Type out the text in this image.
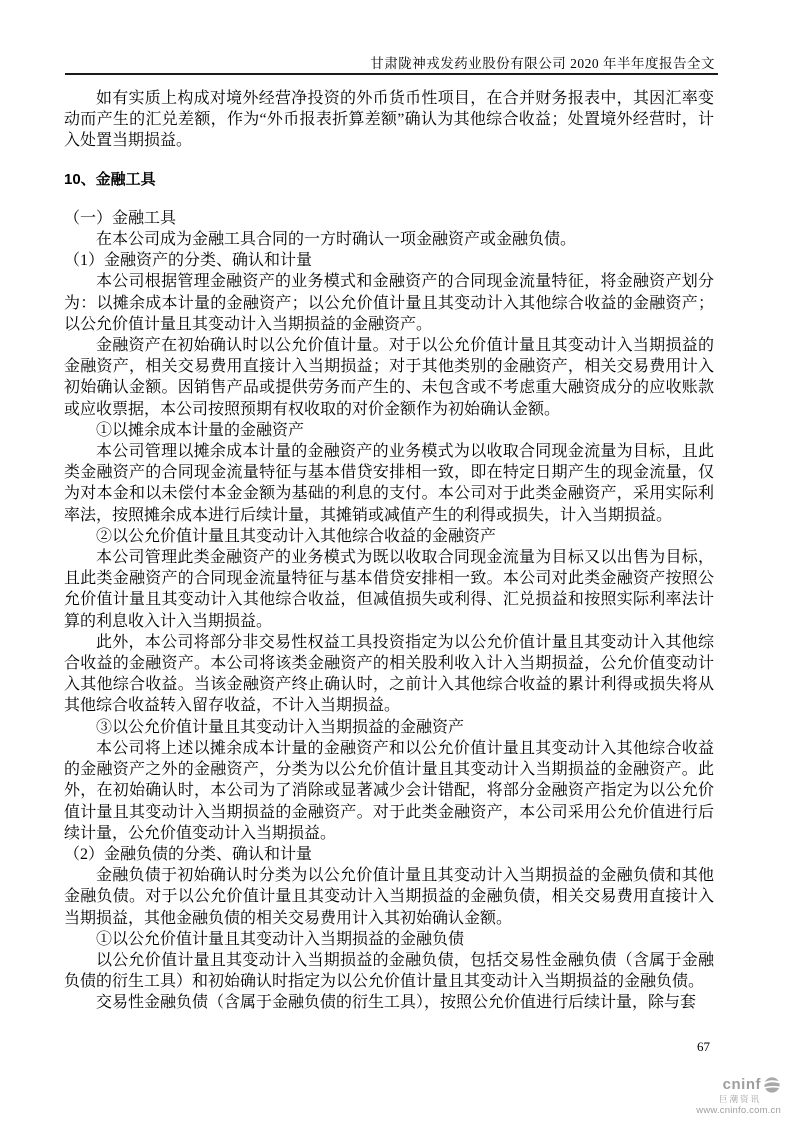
甘肃陇神戎发药业股份有限公司 2020 年半年度报告全文

如有实质上构成对境外经营净投资的外币货币性项目，在合并财务报表中，其因汇率变动而产生的汇兑差额，作为“外币报表折算差额”确认为其他综合收益；处置境外经营时，计入处置当期损益。

10、金融工具

（一）金融工具

在本公司成为金融工具合同的一方时确认一项金融资产或金融负债。

（1）金融资产的分类、确认和计量

本公司根据管理金融资产的业务模式和金融资产的合同现金流量特征，将金融资产划分为：以摊余成本计量的金融资产；以公允价值计量且其变动计入其他综合收益的金融资产；以公允价值计量且其变动计入当期损益的金融资产。

金融资产在初始确认时以公允价值计量。对于以公允价值计量且其变动计入当期损益的金融资产，相关交易费用直接计入当期损益；对于其他类别的金融资产，相关交易费用计入初始确认金额。因销售产品或提供劳务而产生的、未包含或不考虑重大融资成分的应收账款或应收票据，本公司按照预期有权收取的对价金额作为初始确认金额。

①以摊余成本计量的金融资产

本公司管理以摊余成本计量的金融资产的业务模式为以收取合同现金流量为目标，且此类金融资产的合同现金流量特征与基本借贷安排相一致，即在特定日期产生的现金流量，仅为对本金和以未偿付本金金额为基础的利息的支付。本公司对于此类金融资产，采用实际利率法，按照摊余成本进行后续计量，其摊销或减值产生的利得或损失，计入当期损益。

②以公允价值计量且其变动计入其他综合收益的金融资产

本公司管理此类金融资产的业务模式为既以收取合同现金流量为目标又以出售为目标，且此类金融资产的合同现金流量特征与基本借贷安排相一致。本公司对此类金融资产按照公允价值计量且其变动计入其他综合收益，但减值损失或利得、汇兑损益和按照实际利率法计算的利息收入计入当期损益。

此外，本公司将部分非交易性权益工具投资指定为以公允价值计量且其变动计入其他综合收益的金融资产。本公司将该类金融资产的相关股利收入计入当期损益，公允价值变动计入其他综合收益。当该金融资产终止确认时，之前计入其他综合收益的累计利得或损失将从其他综合收益转入留存收益，不计入当期损益。

③以公允价值计量且其变动计入当期损益的金融资产

本公司将上述以摊余成本计量的金融资产和以公允价值计量且其变动计入其他综合收益的金融资产之外的金融资产，分类为以公允价值计量且其变动计入当期损益的金融资产。此外，在初始确认时，本公司为了消除或显著减少会计错配，将部分金融资产指定为以公允价值计量且其变动计入当期损益的金融资产。对于此类金融资产，本公司采用公允价值进行后续计量，公允价值变动计入当期损益。

（2）金融负债的分类、确认和计量

金融负债于初始确认时分类为以公允价值计量且其变动计入当期损益的金融负债和其他金融负债。对于以公允价值计量且其变动计入当期损益的金融负债，相关交易费用直接计入当期损益，其他金融负债的相关交易费用计入其初始确认金额。

①以公允价值计量且其变动计入当期损益的金融负债

以公允价值计量且其变动计入当期损益的金融负债，包括交易性金融负债（含属于金融负债的衍生工具）和初始确认时指定为以公允价值计量且其变动计入当期损益的金融负债。

交易性金融负债（含属于金融负债的衍生工具），按照公允价值进行后续计量，除与套

67
cninf
巨潮资讯
www.cninfo.com.cn
